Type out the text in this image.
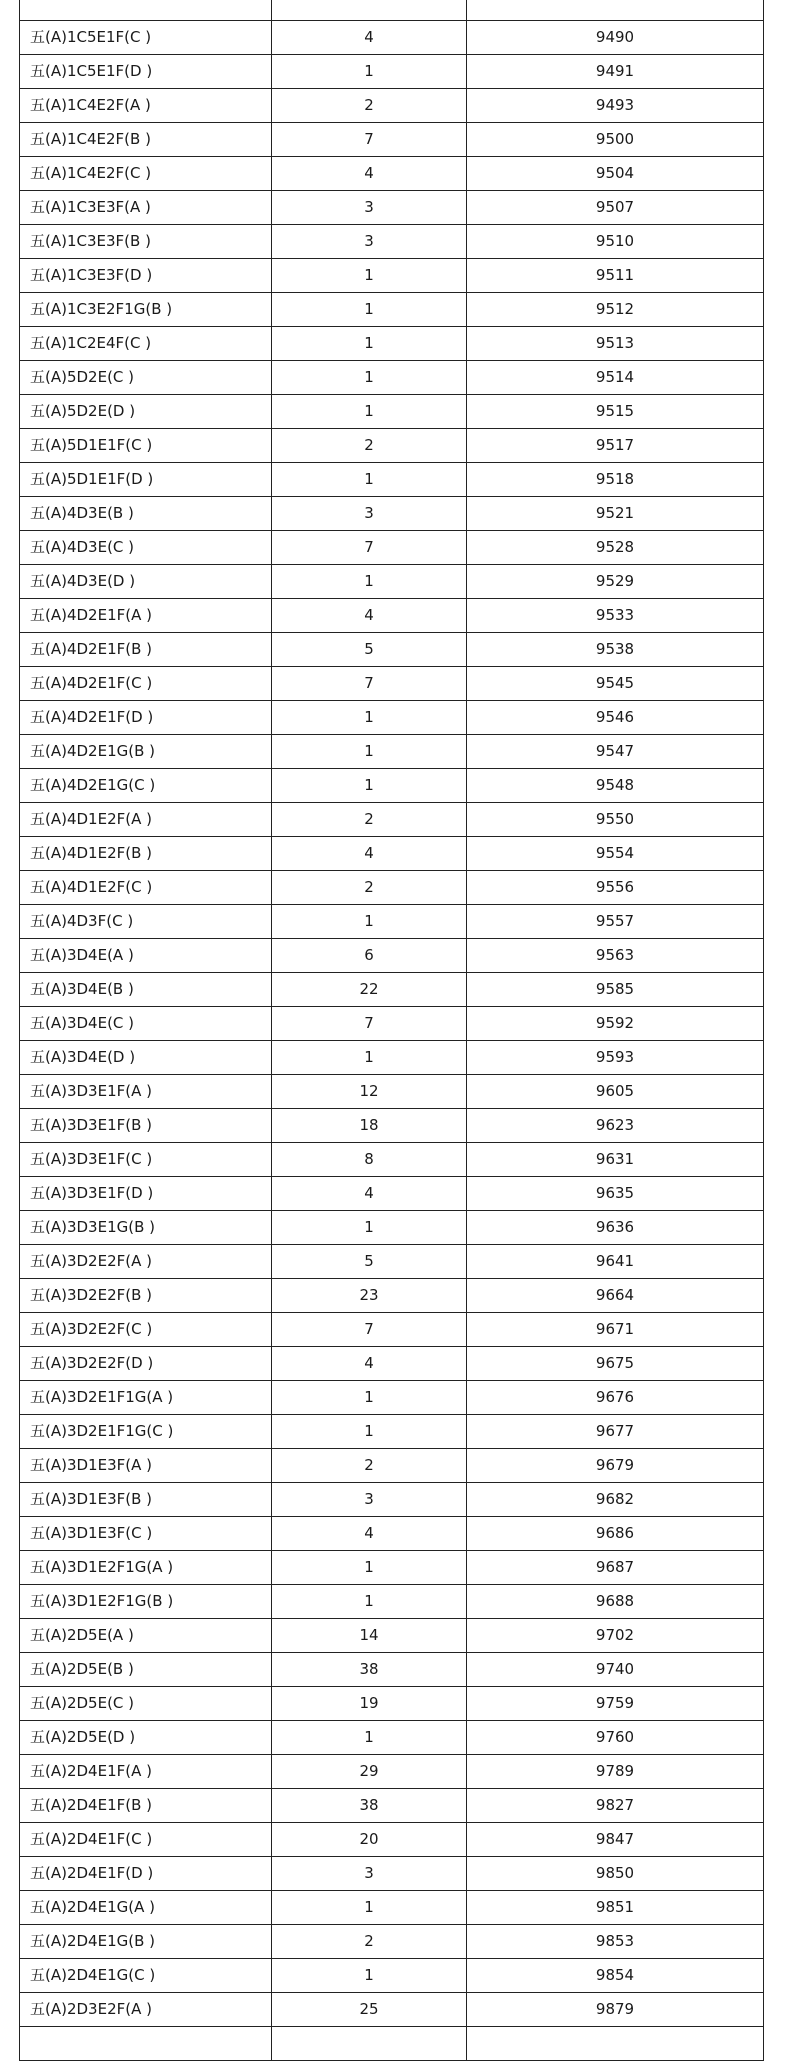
五(A)1C5E1F(C )	4	9490
五(A)1C5E1F(D )	1	9491
五(A)1C4E2F(A )	2	9493
五(A)1C4E2F(B )	7	9500
五(A)1C4E2F(C )	4	9504
五(A)1C3E3F(A )	3	9507
五(A)1C3E3F(B )	3	9510
五(A)1C3E3F(D )	1	9511
五(A)1C3E2F1G(B )	1	9512
五(A)1C2E4F(C )	1	9513
五(A)5D2E(C )	1	9514
五(A)5D2E(D )	1	9515
五(A)5D1E1F(C )	2	9517
五(A)5D1E1F(D )	1	9518
五(A)4D3E(B )	3	9521
五(A)4D3E(C )	7	9528
五(A)4D3E(D )	1	9529
五(A)4D2E1F(A )	4	9533
五(A)4D2E1F(B )	5	9538
五(A)4D2E1F(C )	7	9545
五(A)4D2E1F(D )	1	9546
五(A)4D2E1G(B )	1	9547
五(A)4D2E1G(C )	1	9548
五(A)4D1E2F(A )	2	9550
五(A)4D1E2F(B )	4	9554
五(A)4D1E2F(C )	2	9556
五(A)4D3F(C )	1	9557
五(A)3D4E(A )	6	9563
五(A)3D4E(B )	22	9585
五(A)3D4E(C )	7	9592
五(A)3D4E(D )	1	9593
五(A)3D3E1F(A )	12	9605
五(A)3D3E1F(B )	18	9623
五(A)3D3E1F(C )	8	9631
五(A)3D3E1F(D )	4	9635
五(A)3D3E1G(B )	1	9636
五(A)3D2E2F(A )	5	9641
五(A)3D2E2F(B )	23	9664
五(A)3D2E2F(C )	7	9671
五(A)3D2E2F(D )	4	9675
五(A)3D2E1F1G(A )	1	9676
五(A)3D2E1F1G(C )	1	9677
五(A)3D1E3F(A )	2	9679
五(A)3D1E3F(B )	3	9682
五(A)3D1E3F(C )	4	9686
五(A)3D1E2F1G(A )	1	9687
五(A)3D1E2F1G(B )	1	9688
五(A)2D5E(A )	14	9702
五(A)2D5E(B )	38	9740
五(A)2D5E(C )	19	9759
五(A)2D5E(D )	1	9760
五(A)2D4E1F(A )	29	9789
五(A)2D4E1F(B )	38	9827
五(A)2D4E1F(C )	20	9847
五(A)2D4E1F(D )	3	9850
五(A)2D4E1G(A )	1	9851
五(A)2D4E1G(B )	2	9853
五(A)2D4E1G(C )	1	9854
五(A)2D3E2F(A )	25	9879
